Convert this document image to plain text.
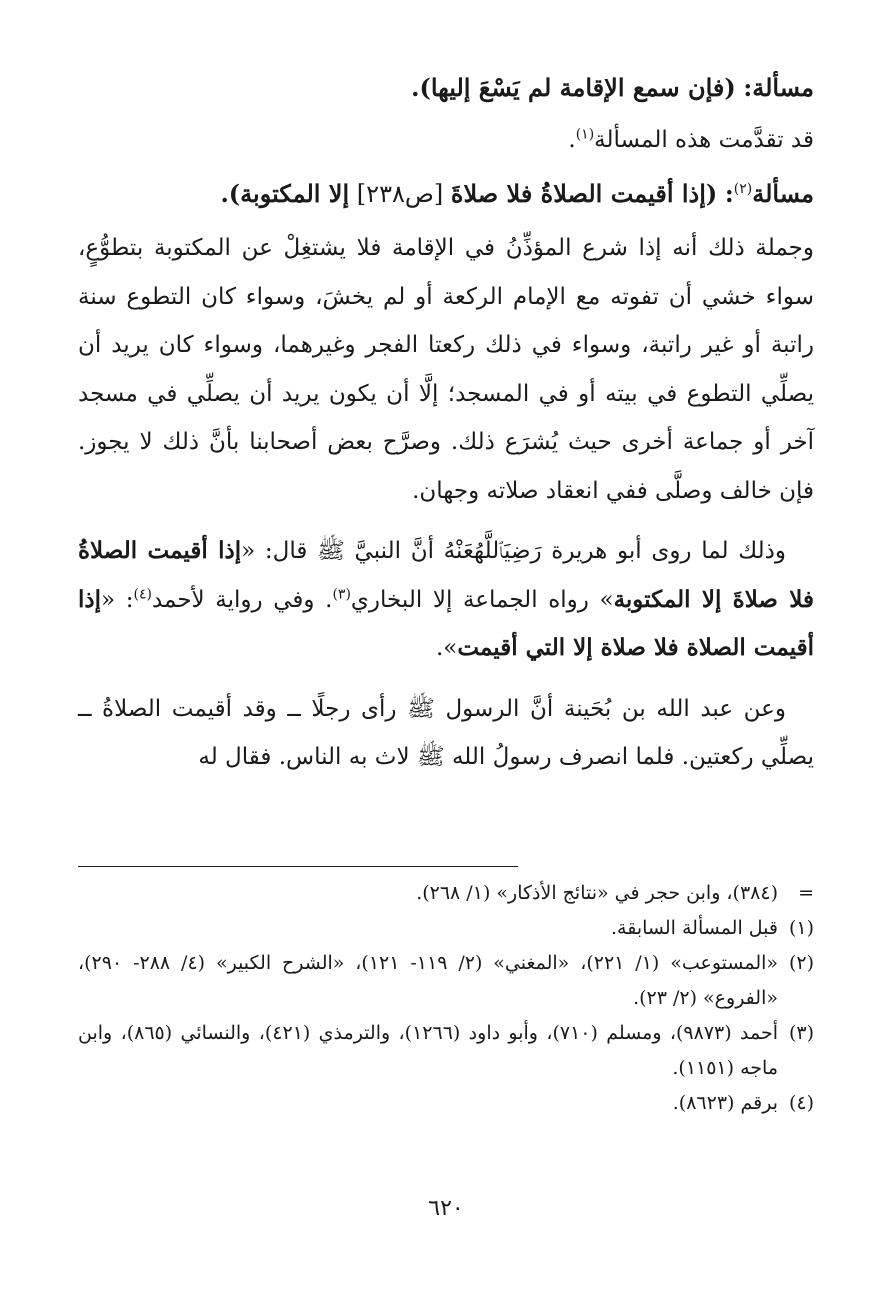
مسألة: (فإن سمع الإقامة لم يَسْعَ إليها).
قد تقدَّمت هذه المسألة$^{(١)}$.
مسألة$^{(٢)}$: (إذا أقيمت الصلاةُ فلا صلاةَ [ص٢٣٨] إلا المكتوبة).

وجملة ذلك أنه إذا شرع المؤذِّنُ في الإقامة فلا يشتغِلْ عن المكتوبة بتطوُّعٍ، سواء خشي أن تفوته مع الإمام الركعة أو لم يخشَ، وسواء كان التطوع سنة راتبة أو غير راتبة، وسواء في ذلك ركعتا الفجر وغيرهما، وسواء كان يريد أن يصلِّي التطوع في بيته أو في المسجد؛ إلَّا أن يكون يريد أن يصلِّي في مسجد آخر أو جماعة أخرى حيث يُشرَع ذلك. وصرَّح بعض أصحابنا بأنَّ ذلك لا يجوز. فإن خالف وصلَّى ففي انعقاد صلاته وجهان.

وذلك لما روى أبو هريرة رَضِيَٱللَّهُعَنْهُ أنَّ النبيَّ ﷺ قال: «إذا أقيمت الصلاةُ فلا صلاةَ إلا المكتوبة» رواه الجماعة إلا البخاري$^{(٣)}$. وفي رواية لأحمد$^{(٤)}$: «إذا أقيمت الصلاة فلا صلاة إلا التي أقيمت».

وعن عبد الله بن بُحَينة أنَّ الرسول ﷺ رأى رجلًا ــ وقد أقيمت الصلاةُ ــ يصلِّي ركعتين. فلما انصرف رسولُ الله ﷺ لاث به الناس. فقال له

=
(٣٨٤)، وابن حجر في «نتائج الأذكار» (١/ ٢٦٨).
(١)
قبل المسألة السابقة.
(٢)
«المستوعب» (١/ ٢٢١)، «المغني» (٢/ ١١٩- ١٢١)، «الشرح الكبير» (٤/ ٢٨٨- ٢٩٠)، «الفروع» (٢/ ٢٣).
(٣)
أحمد (٩٨٧٣)، ومسلم (٧١٠)، وأبو داود (١٢٦٦)، والترمذي (٤٢١)، والنسائي (٨٦٥)، وابن ماجه (١١٥١).
(٤)
برقم (٨٦٢٣).
٦٢٠
